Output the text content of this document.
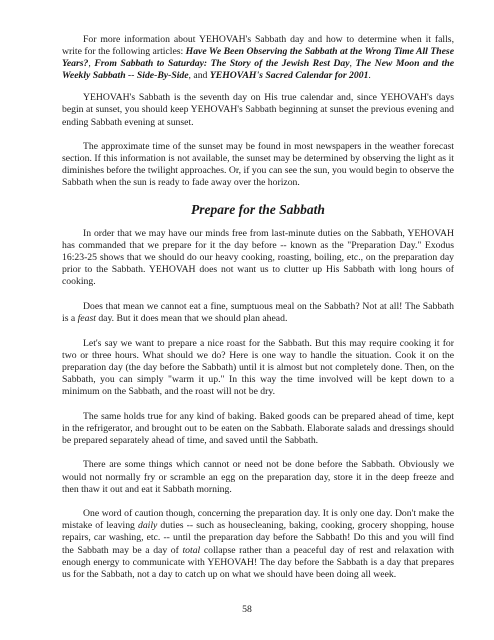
For more information about YEHOVAH's Sabbath day and how to determine when it falls, write for the following articles: Have We Been Observing the Sabbath at the Wrong Time All These Years?, From Sabbath to Saturday: The Story of the Jewish Rest Day, The New Moon and the Weekly Sabbath -- Side-By-Side, and YEHOVAH's Sacred Calendar for 2001.

YEHOVAH's Sabbath is the seventh day on His true calendar and, since YEHOVAH's days begin at sunset, you should keep YEHOVAH's Sabbath beginning at sunset the previous evening and ending Sabbath evening at sunset.

The approximate time of the sunset may be found in most newspapers in the weather forecast section. If this information is not available, the sunset may be determined by observing the light as it diminishes before the twilight approaches. Or, if you can see the sun, you would begin to observe the Sabbath when the sun is ready to fade away over the horizon.

Prepare for the Sabbath

In order that we may have our minds free from last-minute duties on the Sabbath, YEHOVAH has commanded that we prepare for it the day before -- known as the "Preparation Day." Exodus 16:23-25 shows that we should do our heavy cooking, roasting, boiling, etc., on the preparation day prior to the Sabbath. YEHOVAH does not want us to clutter up His Sabbath with long hours of cooking.

Does that mean we cannot eat a fine, sumptuous meal on the Sabbath? Not at all! The Sabbath is a feast day. But it does mean that we should plan ahead.

Let's say we want to prepare a nice roast for the Sabbath. But this may require cooking it for two or three hours. What should we do? Here is one way to handle the situation. Cook it on the preparation day (the day before the Sabbath) until it is almost but not completely done. Then, on the Sabbath, you can simply "warm it up." In this way the time involved will be kept down to a minimum on the Sabbath, and the roast will not be dry.

The same holds true for any kind of baking. Baked goods can be prepared ahead of time, kept in the refrigerator, and brought out to be eaten on the Sabbath. Elaborate salads and dressings should be prepared separately ahead of time, and saved until the Sabbath.

There are some things which cannot or need not be done before the Sabbath. Obviously we would not normally fry or scramble an egg on the preparation day, store it in the deep freeze and then thaw it out and eat it Sabbath morning.

One word of caution though, concerning the preparation day. It is only one day. Don't make the mistake of leaving daily duties -- such as housecleaning, baking, cooking, grocery shopping, house repairs, car washing, etc. -- until the preparation day before the Sabbath! Do this and you will find the Sabbath may be a day of total collapse rather than a peaceful day of rest and relaxation with enough energy to communicate with YEHOVAH! The day before the Sabbath is a day that prepares us for the Sabbath, not a day to catch up on what we should have been doing all week.

58
